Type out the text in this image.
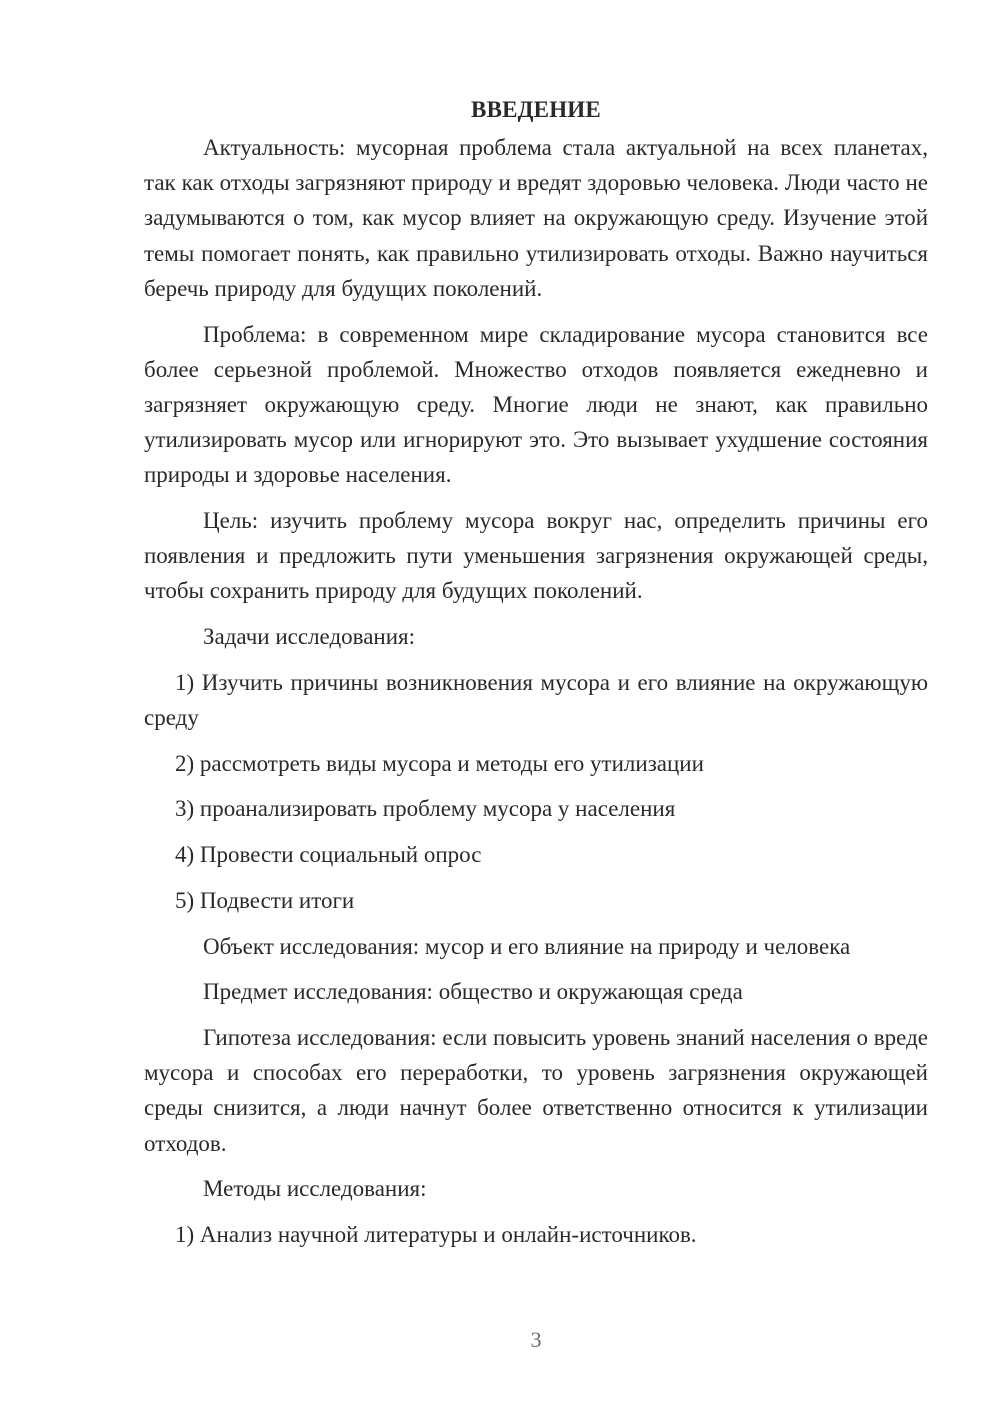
ВВЕДЕНИЕ
Актуальность: мусорная проблема стала актуальной на всех планетах, так как отходы загрязняют природу и вредят здоровью человека. Люди часто не задумываются о том, как мусор влияет на окружающую среду. Изучение этой темы помогает понять, как правильно утилизировать отходы. Важно научиться беречь природу для будущих поколений.
Проблема: в современном мире складирование мусора становится все более серьезной проблемой. Множество отходов появляется ежедневно и загрязняет окружающую среду. Многие люди не знают, как правильно утилизировать мусор или игнорируют это. Это вызывает ухудшение состояния природы и здоровье населения.
Цель: изучить проблему мусора вокруг нас, определить причины его появления и предложить пути уменьшения загрязнения окружающей среды, чтобы сохранить природу для будущих поколений.
Задачи исследования:
1) Изучить причины возникновения мусора и его влияние на окружающую среду
2) рассмотреть виды мусора и методы его утилизации
3) проанализировать проблему мусора у населения
4) Провести социальный опрос
5) Подвести итоги
Объект исследования: мусор и его влияние на природу и человека
Предмет исследования: общество и окружающая среда
Гипотеза исследования: если повысить уровень знаний населения о вреде мусора и способах его переработки, то уровень загрязнения окружающей среды снизится, а люди начнут более ответственно относится к утилизации отходов.
Методы исследования:
1) Анализ научной литературы и онлайн-источников.
3
